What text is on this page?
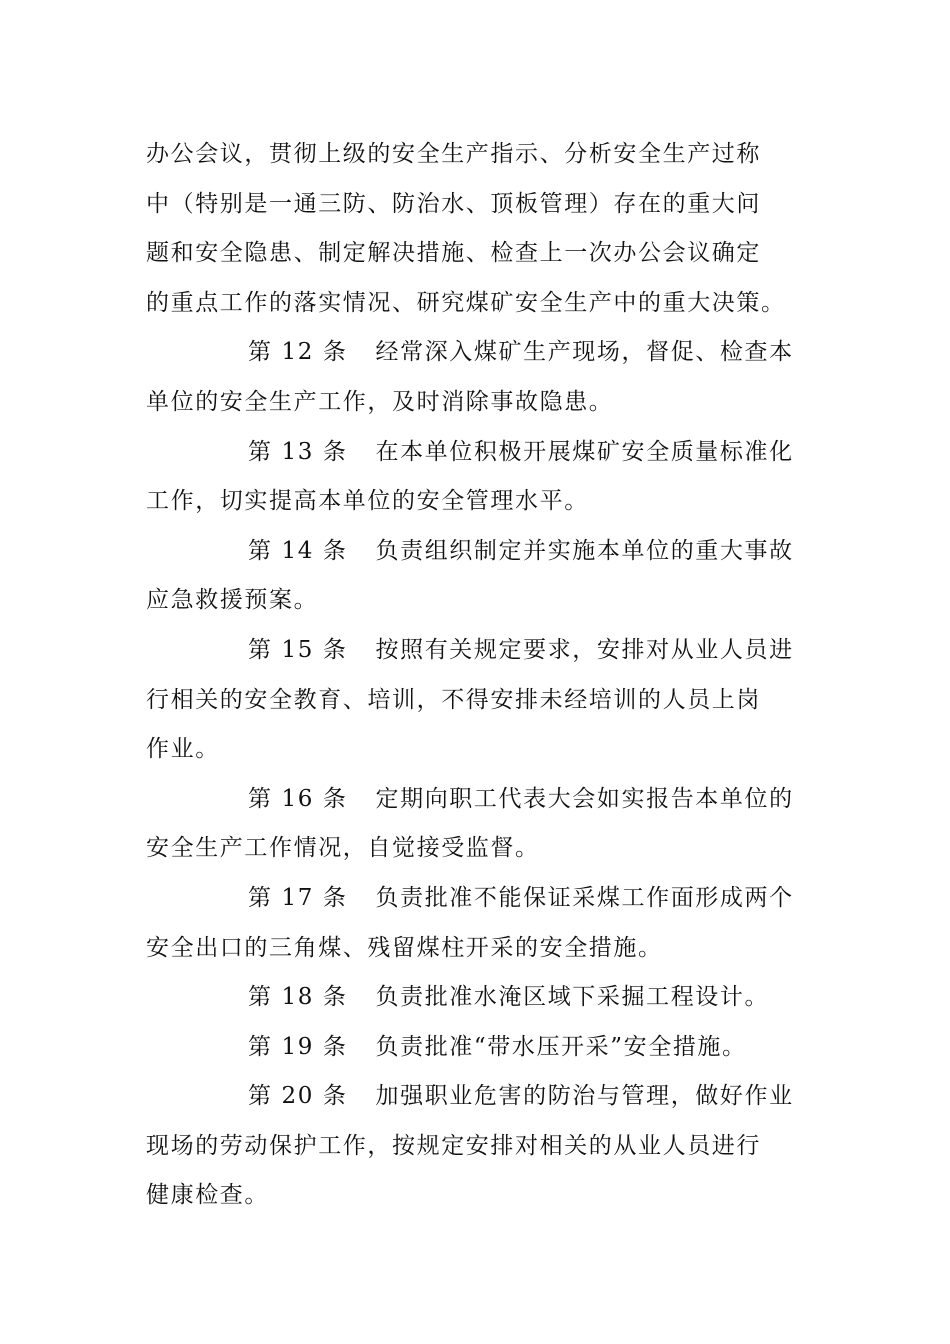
办公会议，贯彻上级的安全生产指示、分析安全生产过称
中（特别是一通三防、防治水、顶板管理）存在的重大问
题和安全隐患、制定解决措施、检查上一次办公会议确定
的重点工作的落实情况、研究煤矿安全生产中的重大决策。
第 12 条 经常深入煤矿生产现场，督促、检查本
单位的安全生产工作，及时消除事故隐患。
第 13 条 在本单位积极开展煤矿安全质量标准化
工作，切实提高本单位的安全管理水平。
第 14 条 负责组织制定并实施本单位的重大事故
应急救援预案。
第 15 条 按照有关规定要求，安排对从业人员进
行相关的安全教育、培训，不得安排未经培训的人员上岗
作业。
第 16 条 定期向职工代表大会如实报告本单位的
安全生产工作情况，自觉接受监督。
第 17 条 负责批准不能保证采煤工作面形成两个
安全出口的三角煤、残留煤柱开采的安全措施。
第 18 条 负责批准水淹区域下采掘工程设计。
第 19 条 负责批准“带水压开采”安全措施。
第 20 条 加强职业危害的防治与管理，做好作业
现场的劳动保护工作，按规定安排对相关的从业人员进行
健康检查。
